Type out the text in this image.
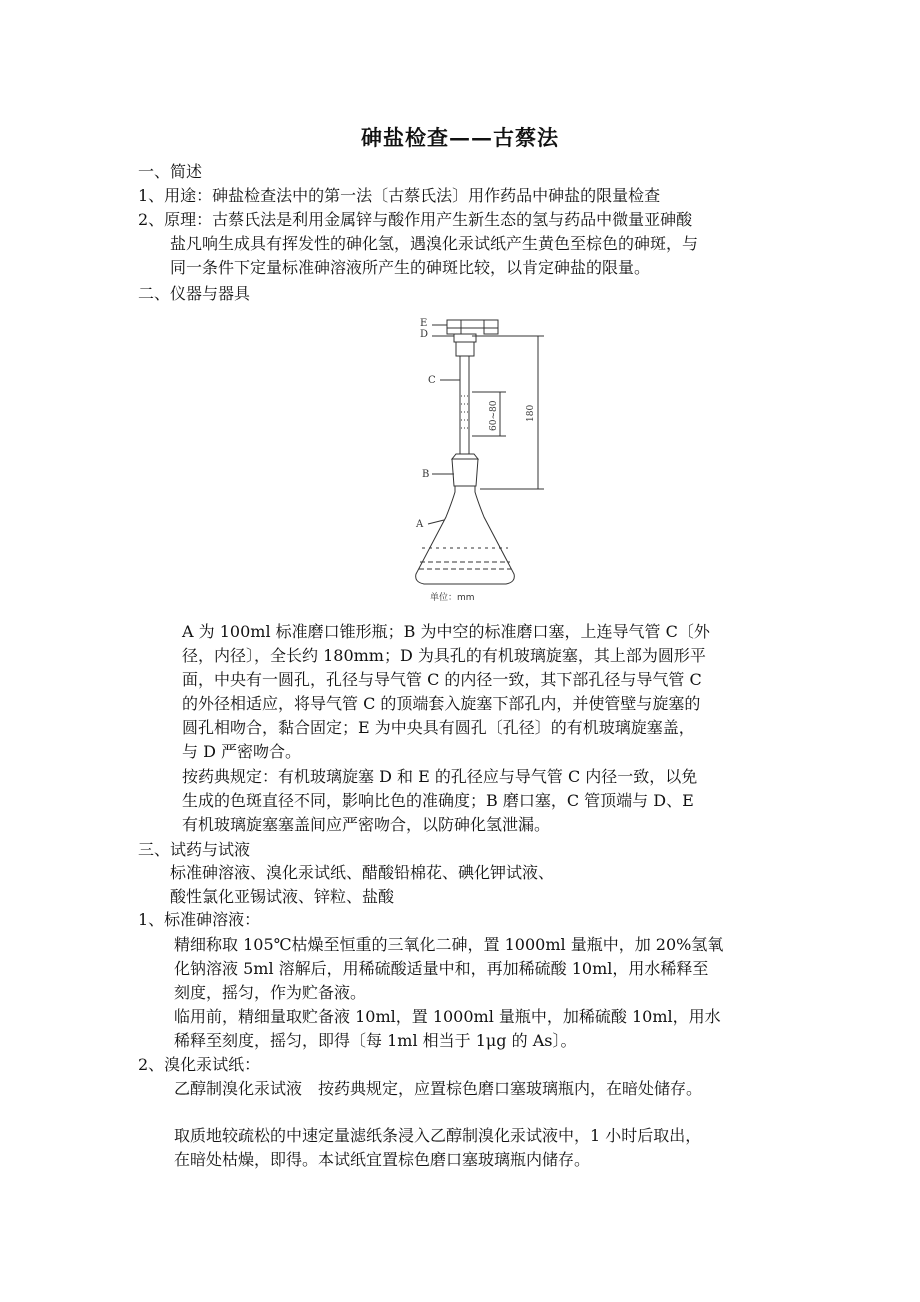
砷盐检查——古蔡法
一、简述
1、用途：砷盐检查法中的第一法〔古蔡氏法〕用作药品中砷盐的限量检查
2、原理：古蔡氏法是利用金属锌与酸作用产生新生态的氢与药品中微量亚砷酸
盐凡响生成具有挥发性的砷化氢，遇溴化汞试纸产生黄色至棕色的砷斑，与
同一条件下定量标准砷溶液所产生的砷斑比较，以肯定砷盐的限量。
二、仪器与器具
E
D
C
B
A
60~80	180
单位：mm
A 为 100ml 标准磨口锥形瓶；B 为中空的标准磨口塞，上连导气管 C〔外
径，内径〕，全长约 180mm；D 为具孔的有机玻璃旋塞，其上部为圆形平
面，中央有一圆孔，孔径与导气管 C 的内径一致，其下部孔径与导气管 C
的外径相适应，将导气管 C 的顶端套入旋塞下部孔内，并使管壁与旋塞的
圆孔相吻合，黏合固定；E 为中央具有圆孔〔孔径〕的有机玻璃旋塞盖，
与 D 严密吻合。
按药典规定：有机玻璃旋塞 D 和 E 的孔径应与导气管 C 内径一致，以免
生成的色斑直径不同，影响比色的准确度；B 磨口塞，C 管顶端与 D、E
有机玻璃旋塞塞盖间应严密吻合，以防砷化氢泄漏。
三、试药与试液
标准砷溶液、溴化汞试纸、醋酸铅棉花、碘化钾试液、
酸性氯化亚锡试液、锌粒、盐酸
1、标准砷溶液：
精细称取 105℃枯燥至恒重的三氧化二砷，置 1000ml 量瓶中，加 20%氢氧
化钠溶液 5ml 溶解后，用稀硫酸适量中和，再加稀硫酸 10ml，用水稀释至
刻度，摇匀，作为贮备液。
临用前，精细量取贮备液 10ml，置 1000ml 量瓶中，加稀硫酸 10ml，用水
稀释至刻度，摇匀，即得〔每 1ml 相当于 1μg 的 As〕。
2、溴化汞试纸：
乙醇制溴化汞试液　按药典规定，应置棕色磨口塞玻璃瓶内，在暗处储存。
取质地较疏松的中速定量滤纸条浸入乙醇制溴化汞试液中，1 小时后取出，
在暗处枯燥，即得。本试纸宜置棕色磨口塞玻璃瓶内储存。
